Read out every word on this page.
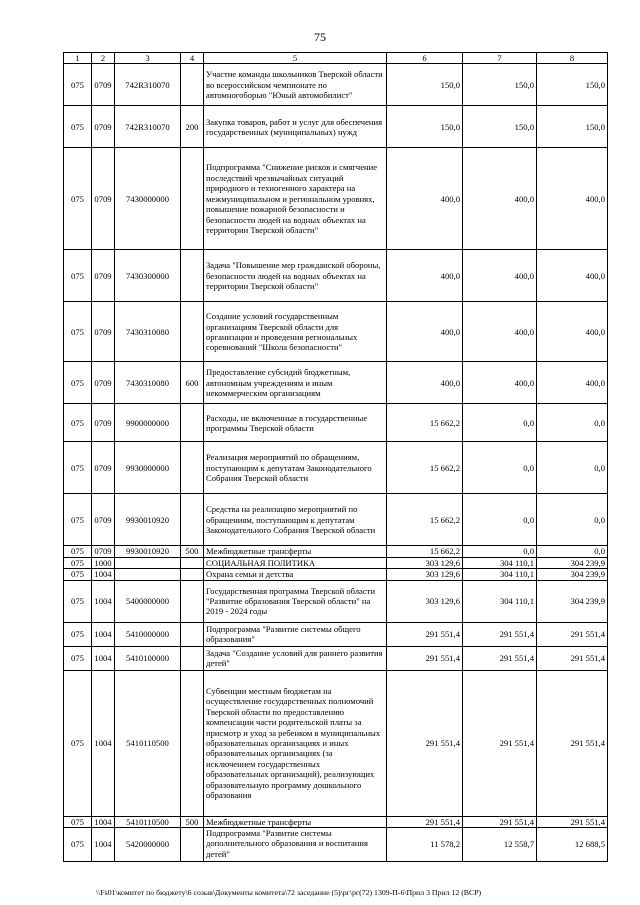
75
1	2	3	4	5	6	7	8
075	0709	742R310070		Участие команды школьников Тверской области во всероссийском чемпионате по автомногоборью "Юный автомобилист"	150,0	150,0	150,0
075	0709	742R310070	200	Закупка товаров, работ и услуг для обеспечения государственных (муниципальных) нужд	150,0	150,0	150,0
075	0709	7430000000		Подпрограмма "Снижение рисков и смягчение последствий чрезвычайных ситуаций природного и техногенного характера на межмуниципальном и региональном уровнях, повышение пожарной безопасности и безопасности людей на водных объектах на территории Тверской области"	400,0	400,0	400,0
075	0709	7430300000		Задача "Повышение мер гражданской обороны, безопасности людей на водных объектах на территории Тверской области"	400,0	400,0	400,0
075	0709	7430310080		Создание условий государственным организациям Тверской области для организации и проведения региональных соревнований "Школа безопасности"	400,0	400,0	400,0
075	0709	7430310080	600	Предоставление субсидий бюджетным, автономным учреждениям и иным некоммерческим организациям	400,0	400,0	400,0
075	0709	9900000000		Расходы, не включенные в государственные программы Тверской области	15 662,2	0,0	0,0
075	0709	9930000000		Реализация мероприятий по обращениям, поступающим к депутатам Законодательного Собрания Тверской области	15 662,2	0,0	0,0
075	0709	9930010920		Средства на реализацию мероприятий по обращениям, поступающим к депутатам Законодательного Собрания Тверской области	15 662,2	0,0	0,0
075	0709	9930010920	500	Межбюджетные трансферты	15 662,2	0,0	0,0
075	1000			СОЦИАЛЬНАЯ ПОЛИТИКА	303 129,6	304 110,1	304 239,9
075	1004			Охрана семьи и детства	303 129,6	304 110,1	304 239,9
075	1004	5400000000		Государственная программа Тверской области "Развитие образования Тверской области" на 2019 - 2024 годы	303 129,6	304 110,1	304 239,9
075	1004	5410000000		Подпрограмма "Развитие системы общего образования"	291 551,4	291 551,4	291 551,4
075	1004	5410100000		Задача "Создание условий для раннего развития детей"	291 551,4	291 551,4	291 551,4
075	1004	5410110500		Субвенции местным бюджетам на осуществление государственных полномочий Тверской области по предоставлению компенсации части родительской платы за присмотр и уход за ребенком в муниципальных образовательных организациях и иных образовательных организациях (за исключением государственных образовательных организаций), реализующих образовательную программу дошкольного образования	291 551,4	291 551,4	291 551,4
075	1004	5410110500	500	Межбюджетные трансферты	291 551,4	291 551,4	291 551,4
075	1004	5420000000		Подпрограмма "Развитие системы дополнительного образования и воспитания детей"	11 578,2	12 558,7	12 688,5
\\Fs01\комитет по бюджету\6 созыв\Документы комитета\72 заседание (5)\рг\рг(72) 1309-П-6\Прил 3 Прил 12 (ВСР)
